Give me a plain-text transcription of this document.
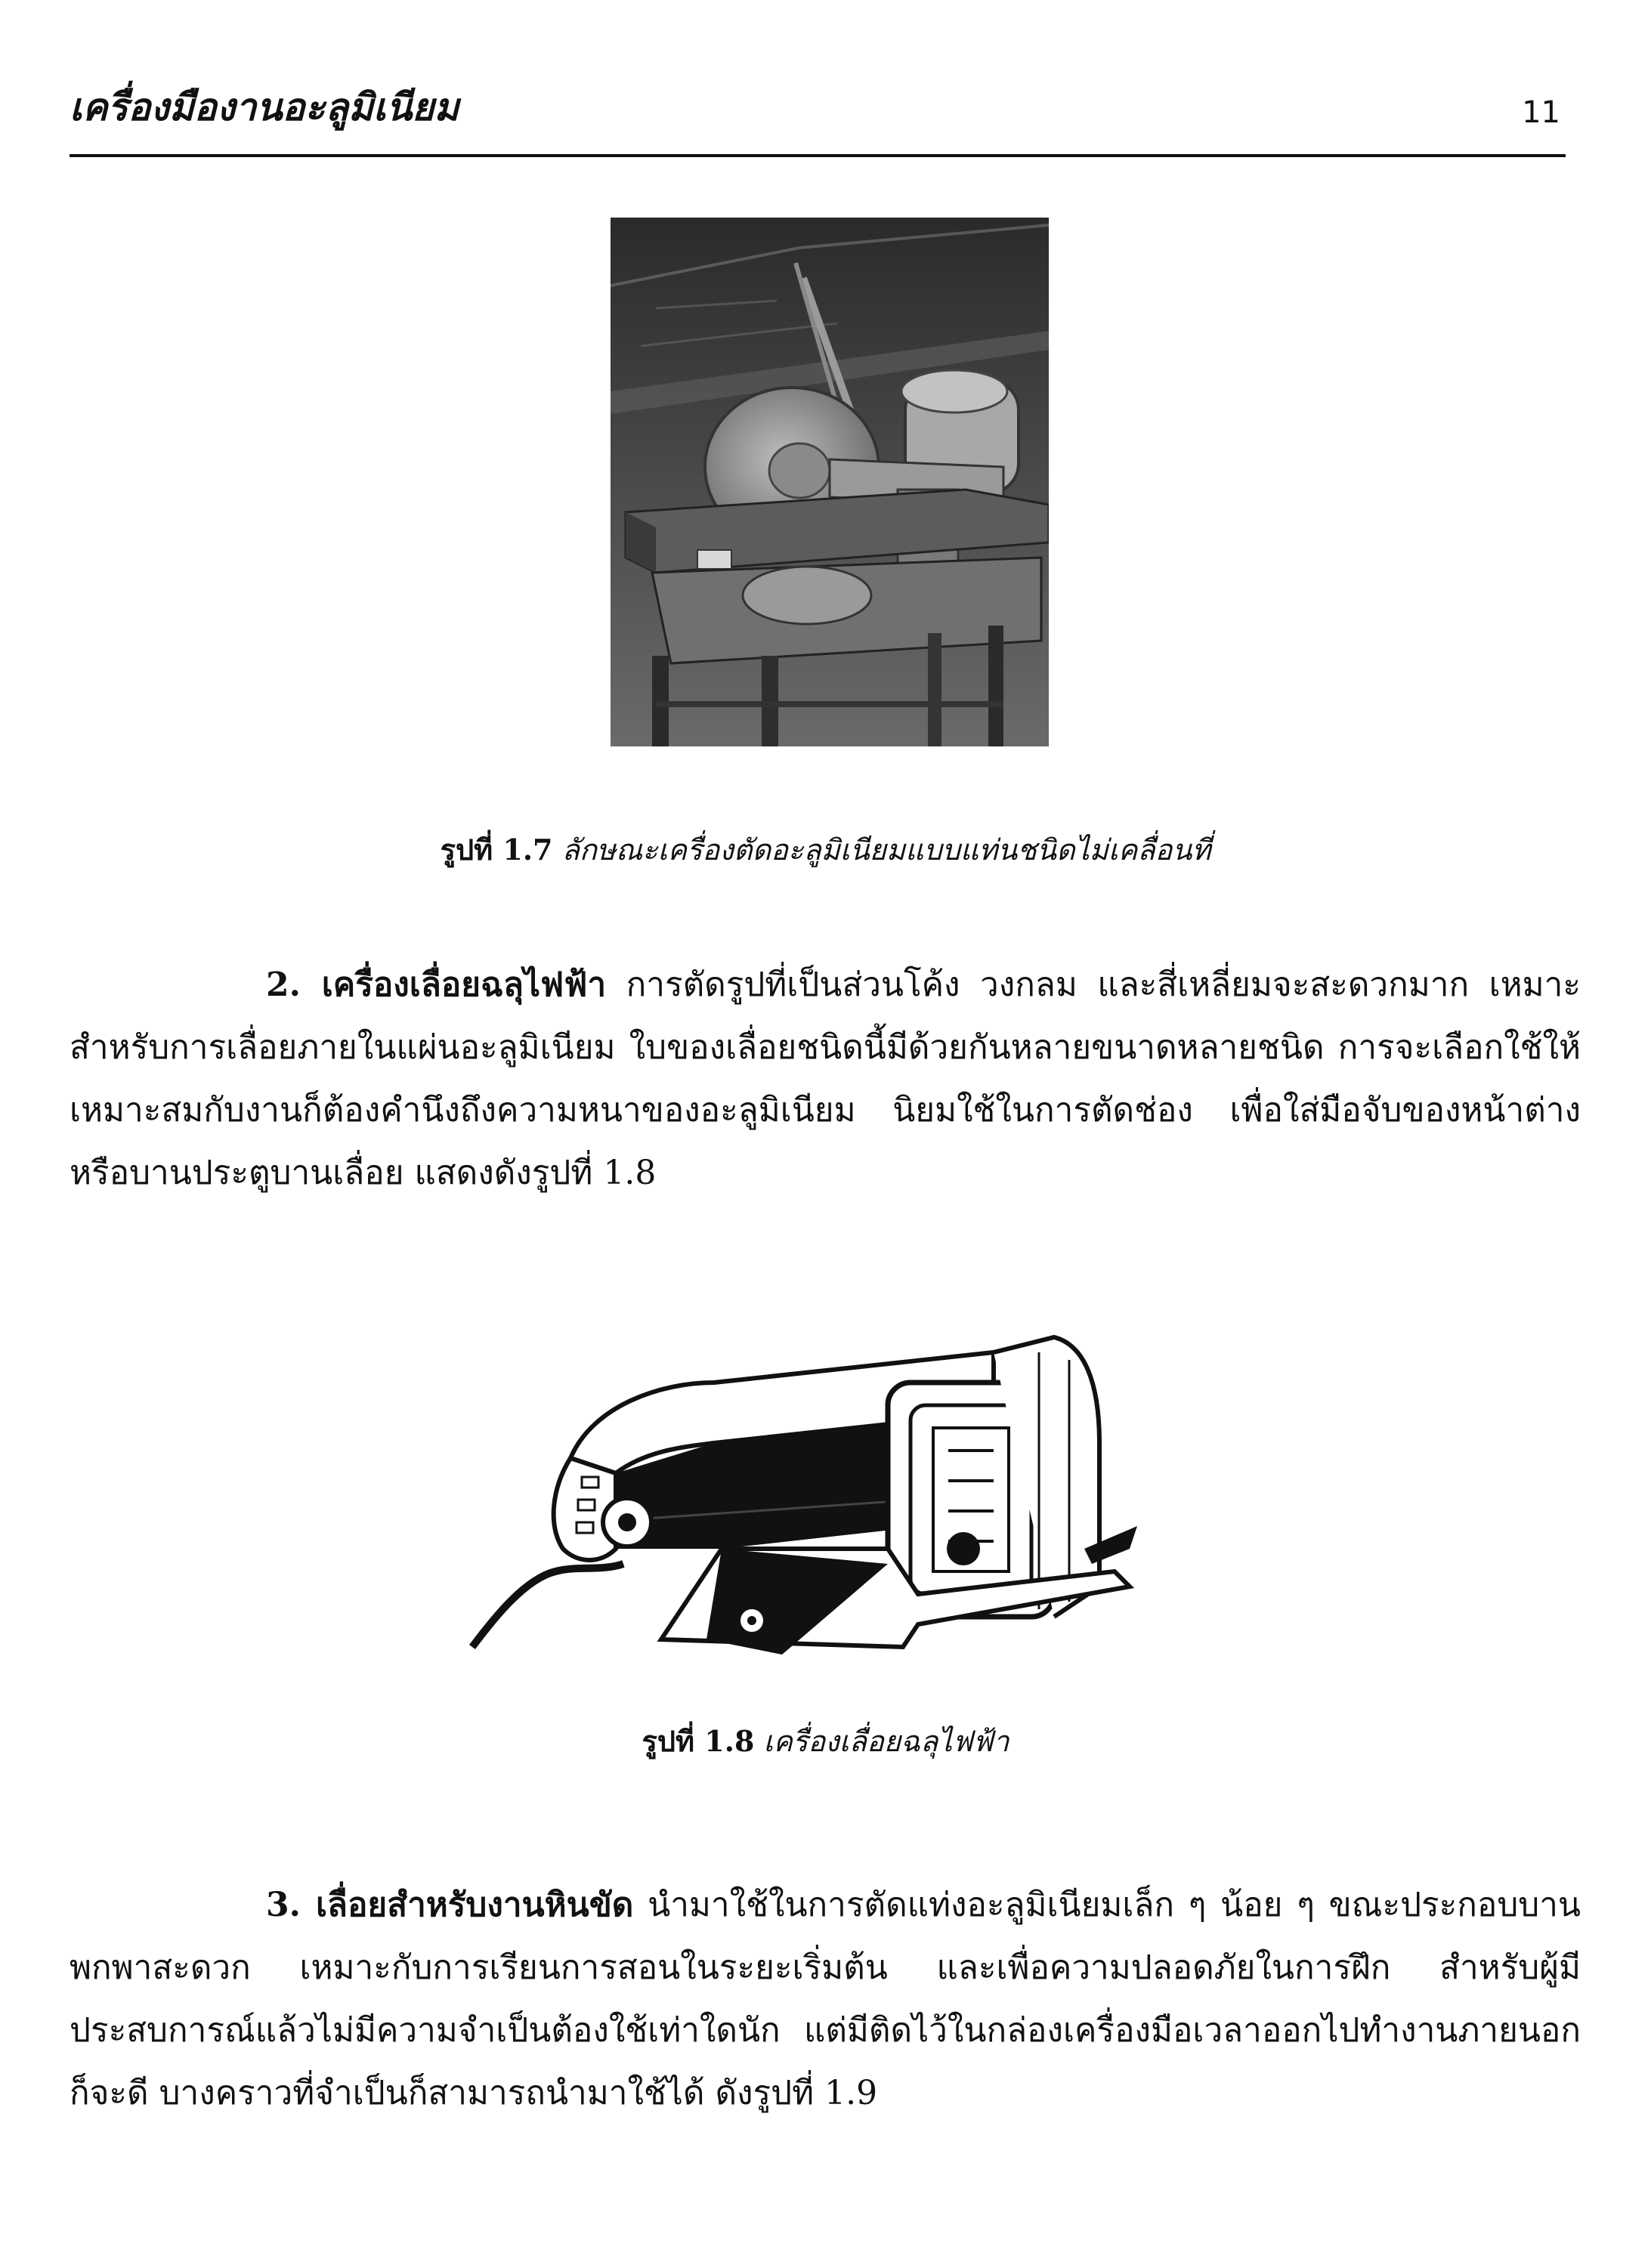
เครื่องมืองานอะลูมิเนียม	11
รูปที่ 1.7 ลักษณะเครื่องตัดอะลูมิเนียมแบบแท่นชนิดไม่เคลื่อนที่

2. เครื่องเลื่อยฉลุไฟฟ้า การตัดรูปที่เป็นส่วนโค้ง วงกลม และสี่เหลี่ยมจะสะดวกมาก เหมาะสำหรับการเลื่อยภายในแผ่นอะลูมิเนียม ใบของเลื่อยชนิดนี้มีด้วยกันหลายขนาดหลายชนิด การจะเลือกใช้ให้เหมาะสมกับงานก็ต้องคำนึงถึงความหนาของอะลูมิเนียม นิยมใช้ในการตัดช่อง เพื่อใส่มือจับของหน้าต่างหรือบานประตูบานเลื่อย แสดงดังรูปที่ 1.8

รูปที่ 1.8 เครื่องเลื่อยฉลุไฟฟ้า

3. เลื่อยสำหรับงานหินขัด นำมาใช้ในการตัดแท่งอะลูมิเนียมเล็ก ๆ น้อย ๆ ขณะประกอบบาน พกพาสะดวก เหมาะกับการเรียนการสอนในระยะเริ่มต้น และเพื่อความปลอดภัยในการฝึก สำหรับผู้มีประสบการณ์แล้วไม่มีความจำเป็นต้องใช้เท่าใดนัก แต่มีติดไว้ในกล่องเครื่องมือเวลาออกไปทำงานภายนอกก็จะดี บางคราวที่จำเป็นก็สามารถนำมาใช้ได้ ดังรูปที่ 1.9
